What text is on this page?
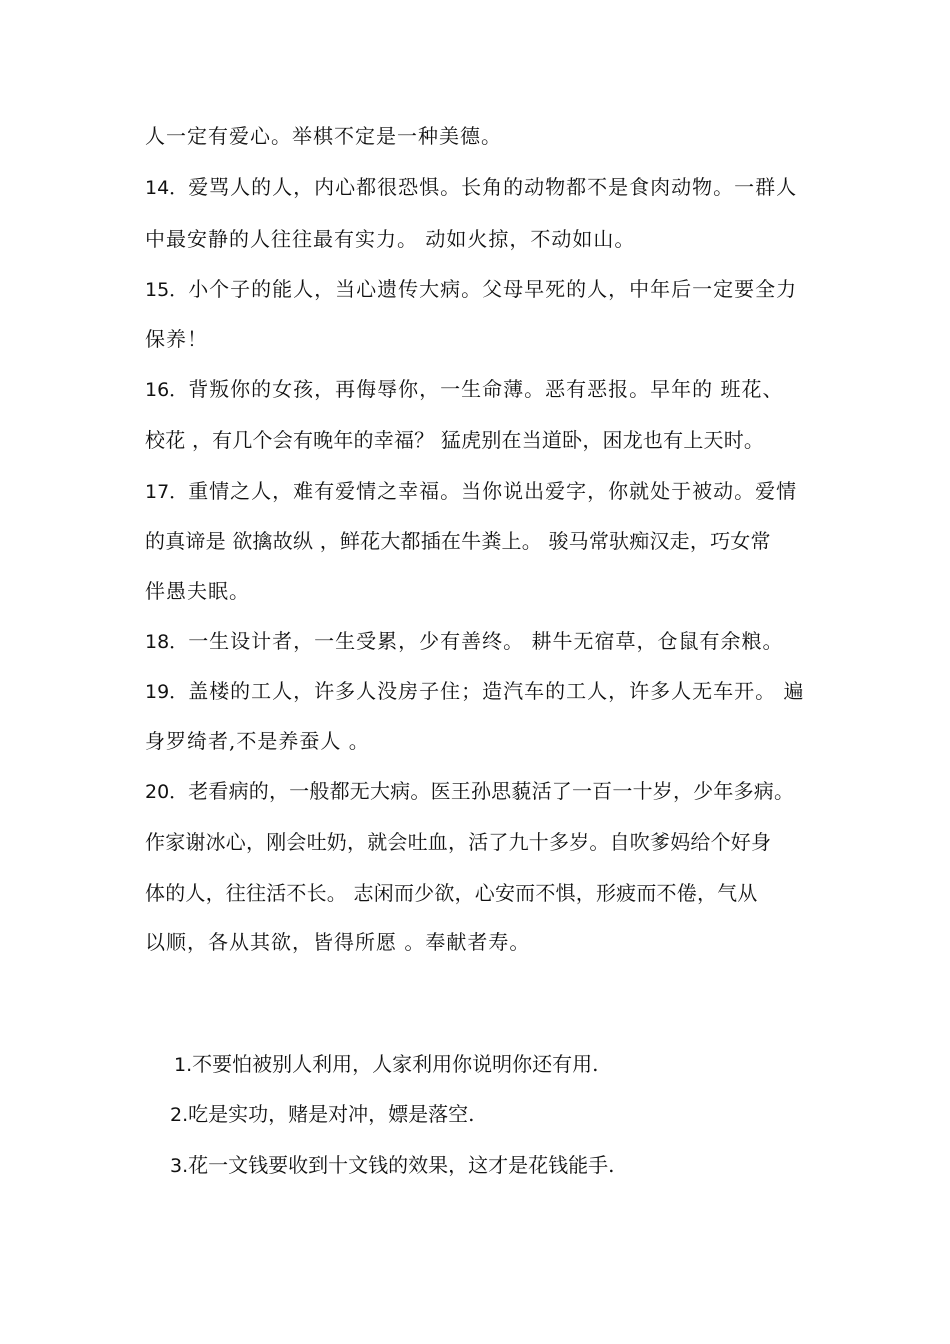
人一定有爱心。举棋不定是一种美德。
14．爱骂人的人，内心都很恐惧。长角的动物都不是食肉动物。一群人
中最安静的人往往最有实力。 动如火掠，不动如山。
15．小个子的能人，当心遗传大病。父母早死的人，中年后一定要全力
保养！
16．背叛你的女孩，再侮辱你，一生命薄。恶有恶报。早年的 班花、
校花 ，有几个会有晚年的幸福？ 猛虎别在当道卧，困龙也有上天时。
17．重情之人，难有爱情之幸福。当你说出爱字，你就处于被动。爱情
的真谛是 欲擒故纵 ，鲜花大都插在牛粪上。 骏马常驮痴汉走，巧女常
伴愚夫眠。
18．一生设计者，一生受累，少有善终。 耕牛无宿草，仓鼠有余粮。
19．盖楼的工人，许多人没房子住；造汽车的工人，许多人无车开。 遍
身罗绮者,不是养蚕人 。
20．老看病的，一般都无大病。医王孙思藐活了一百一十岁，少年多病。
作家谢冰心，刚会吐奶，就会吐血，活了九十多岁。自吹爹妈给个好身
体的人，往往活不长。 志闲而少欲，心安而不惧，形疲而不倦，气从
以顺，各从其欲，皆得所愿 。奉献者寿。
1.不要怕被别人利用，人家利用你说明你还有用.
2.吃是实功，赌是对冲，嫖是落空.
3.花一文钱要收到十文钱的效果，这才是花钱能手.
